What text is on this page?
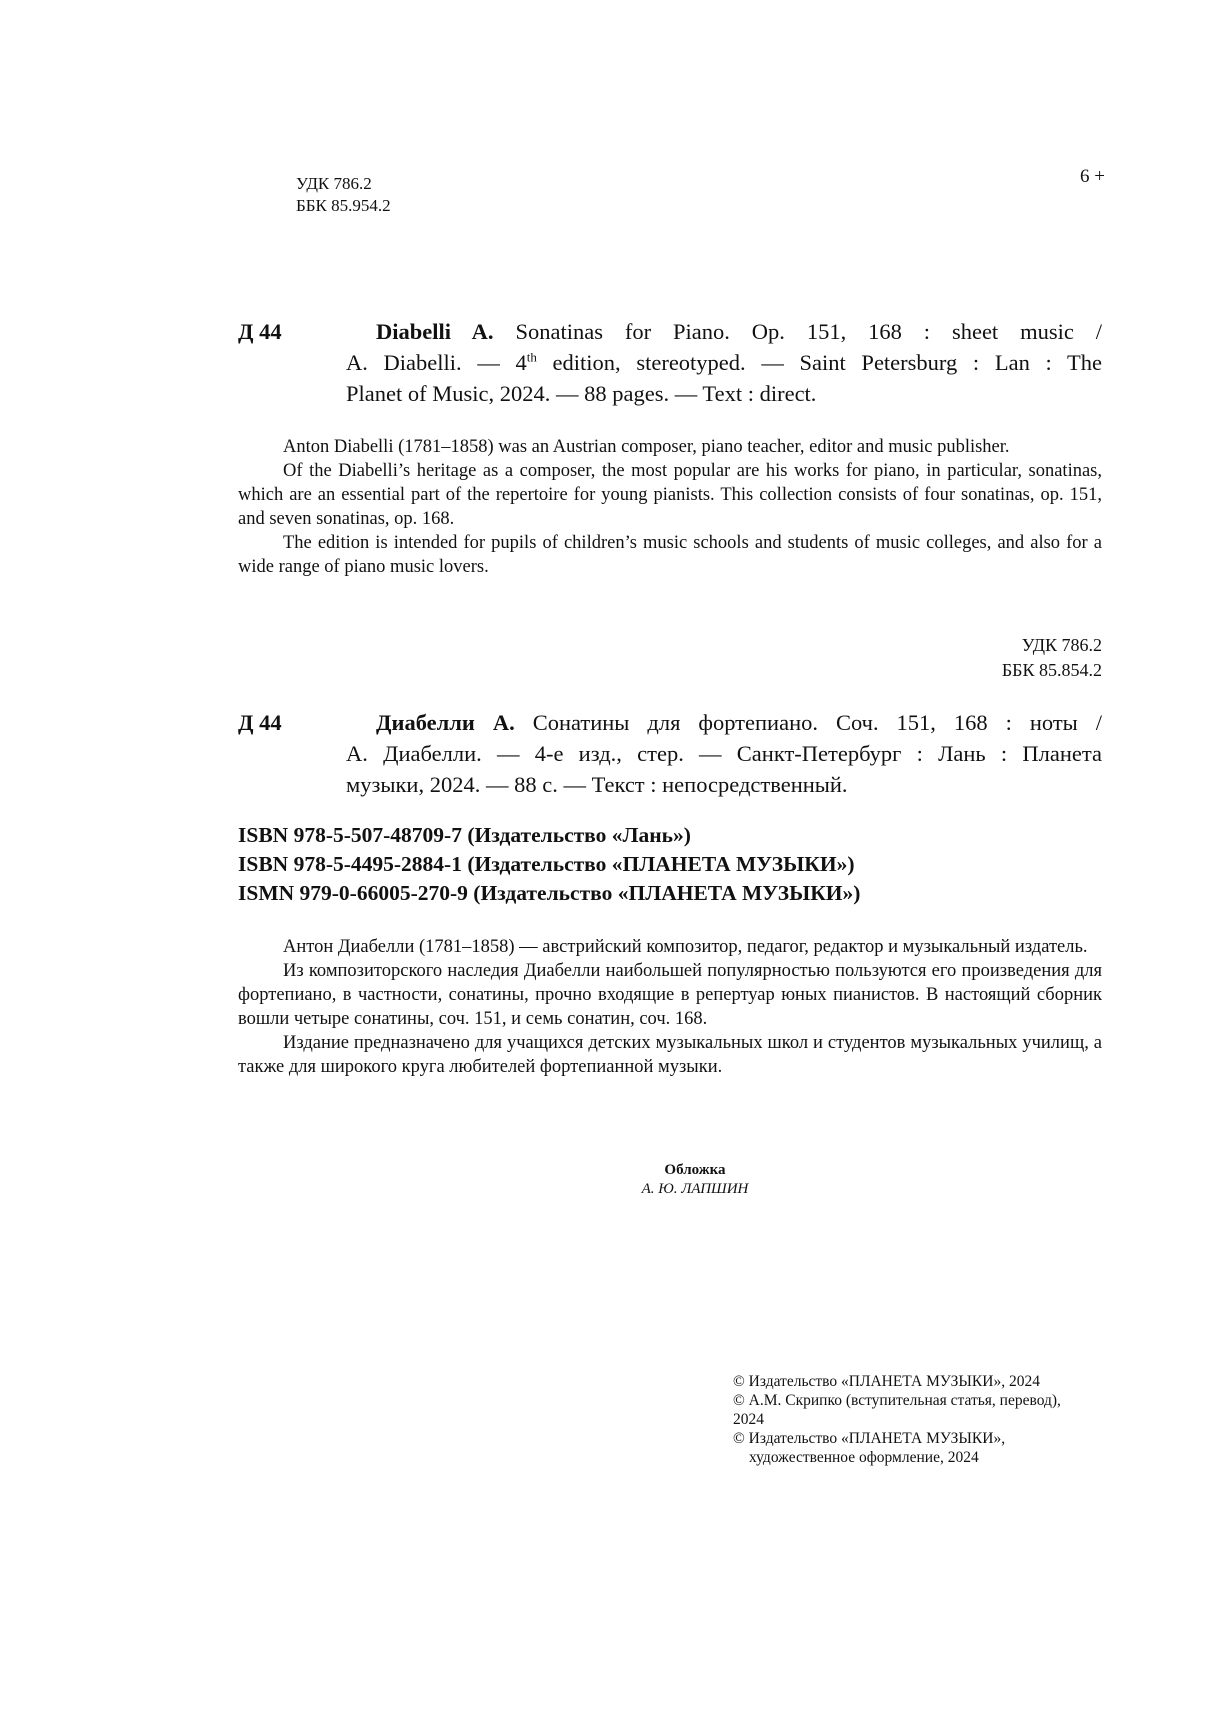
УДК 786.2
ББК 85.954.2
6 +
Д 44	Diabelli A. Sonatinas for Piano. Op. 151, 168 : sheet music /
A. Diabelli. — 4th edition, stereotyped. — Saint Petersburg : Lan : The
Planet of Music, 2024. — 88 pages. — Text : direct.

Anton Diabelli (1781–1858) was an Austrian composer, piano teacher, editor and music publisher.

Of the Diabelli’s heritage as a composer, the most popular are his works for piano, in particular, sonatinas, which are an essential part of the repertoire for young pianists. This collection consists of four sonatinas, op. 151, and seven sonatinas, op. 168.

The edition is intended for pupils of children’s music schools and students of music colleges, and also for a wide range of piano music lovers.

УДК 786.2
ББК 85.854.2
Д 44	Диабелли А. Сонатины для фортепиано. Соч. 151, 168 : ноты /
А. Диабелли. — 4-е изд., стер. — Санкт-Петербург : Лань : Планета
музыки, 2024. — 88 с. — Текст : непосредственный.
ISBN 978-5-507-48709-7 (Издательство «Лань»)
ISBN 978-5-4495-2884-1 (Издательство «ПЛАНЕТА МУЗЫКИ»)
ISMN 979-0-66005-270-9 (Издательство «ПЛАНЕТА МУЗЫКИ»)

Антон Диабелли (1781–1858) — австрийский композитор, педагог, редактор и музыкальный издатель.

Из композиторского наследия Диабелли наибольшей популярностью пользуются его произведения для фортепиано, в частности, сонатины, прочно входящие в репертуар юных пианистов. В настоящий сборник вошли четыре сонатины, соч. 151, и семь сонатин, соч. 168.

Издание предназначено для учащихся детских музыкальных школ и студентов музыкальных училищ, а также для широкого круга любителей фортепианной музыки.

Обложка
А. Ю. ЛАПШИН
© Издательство «ПЛАНЕТА МУЗЫКИ», 2024
© А.М. Скрипко (вступительная статья, перевод),
2024
© Издательство «ПЛАНЕТА МУЗЫКИ»,
художественное оформление, 2024
